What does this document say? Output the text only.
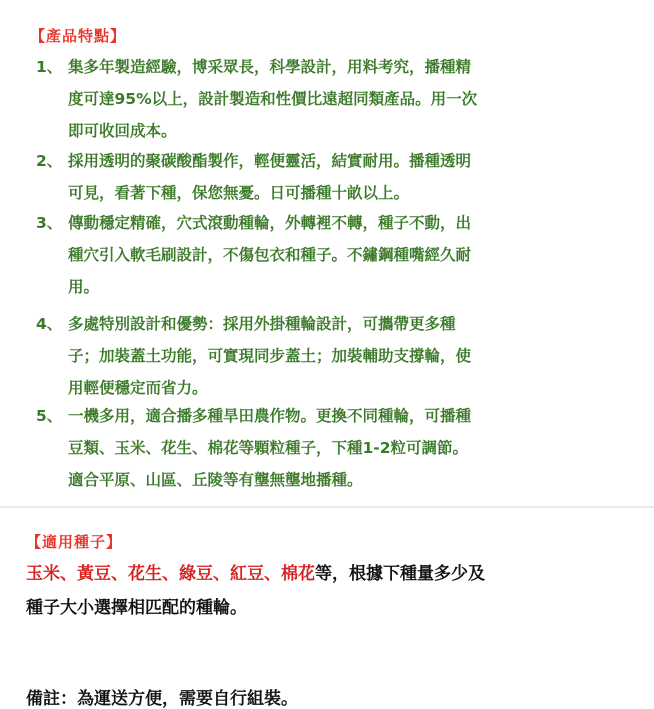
【產品特點】
1、 集多年製造經驗，博采眾長，科學設計，用料考究，播種精
度可達95%以上，設計製造和性價比遠超同類產品。用一次
即可收回成本。
2、 採用透明的聚碳酸酯製作，輕便靈活，結實耐用。播種透明
可見，看著下種，保您無憂。日可播種十畝以上。
3、 傳動穩定精確，穴式滾動種輪，外轉裡不轉，種子不動，出
種穴引入軟毛刷設計，不傷包衣和種子。不鏽鋼種嘴經久耐
用。
4、 多處特別設計和優勢：採用外掛種輪設計，可攜帶更多種
子；加裝蓋土功能，可實現同步蓋土；加裝輔助支撐輪，使
用輕便穩定而省力。
5、 一機多用，適合播多種旱田農作物。更換不同種輪，可播種
豆類、玉米、花生、棉花等顆粒種子，下種1-2粒可調節。
適合平原、山區、丘陵等有壟無壟地播種。
【適用種子】
玉米、黃豆、花生、綠豆、紅豆、棉花等，根據下種量多少及
種子大小選擇相匹配的種輪。
備註：為運送方便，需要自行組裝。
